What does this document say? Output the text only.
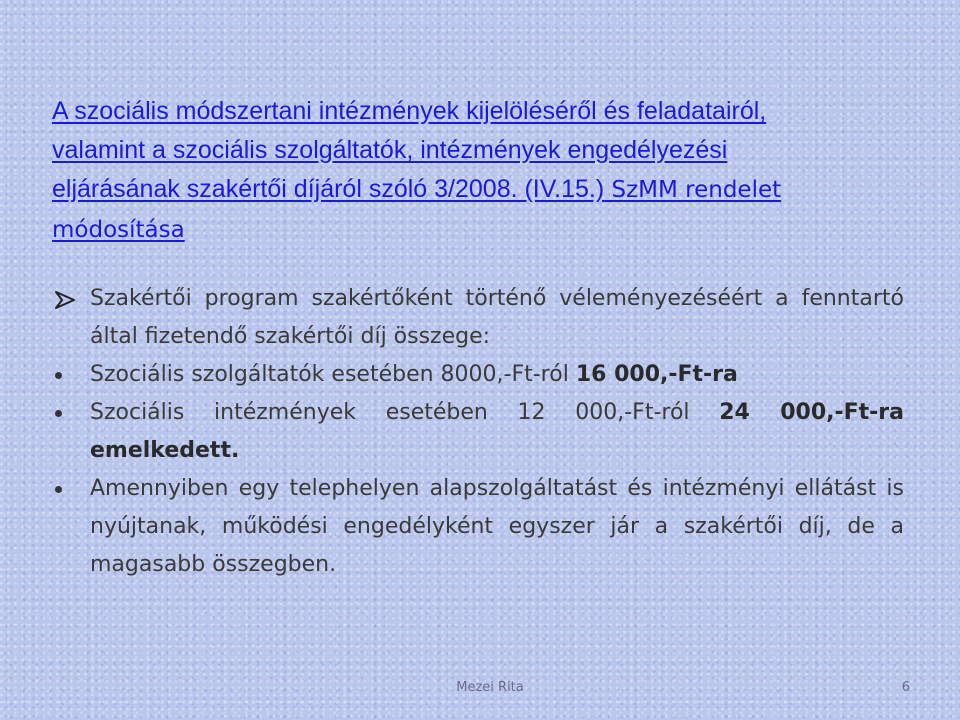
A szociális módszertani intézmények kijelöléséről és feladatairól,
valamint a szociális szolgáltatók, intézmények engedélyezési
eljárásának szakértői díjáról szóló 3/2008. (IV.15.) SzMM rendelet
módosítása
Szakértői program szakértőként történő véleményezéséért a fenntartó által fizetendő szakértői díj összege:
Szociális szolgáltatók esetében 8000,-Ft-ról 16 000,-Ft-ra
Szociális intézmények esetében 12 000,-Ft-ról 24 000,-Ft-ra emelkedett.
Amennyiben egy telephelyen alapszolgáltatást és intézményi ellátást is nyújtanak, működési engedélyként egyszer jár a szakértői díj, de a magasabb összegben.
Mezei Rita	6
